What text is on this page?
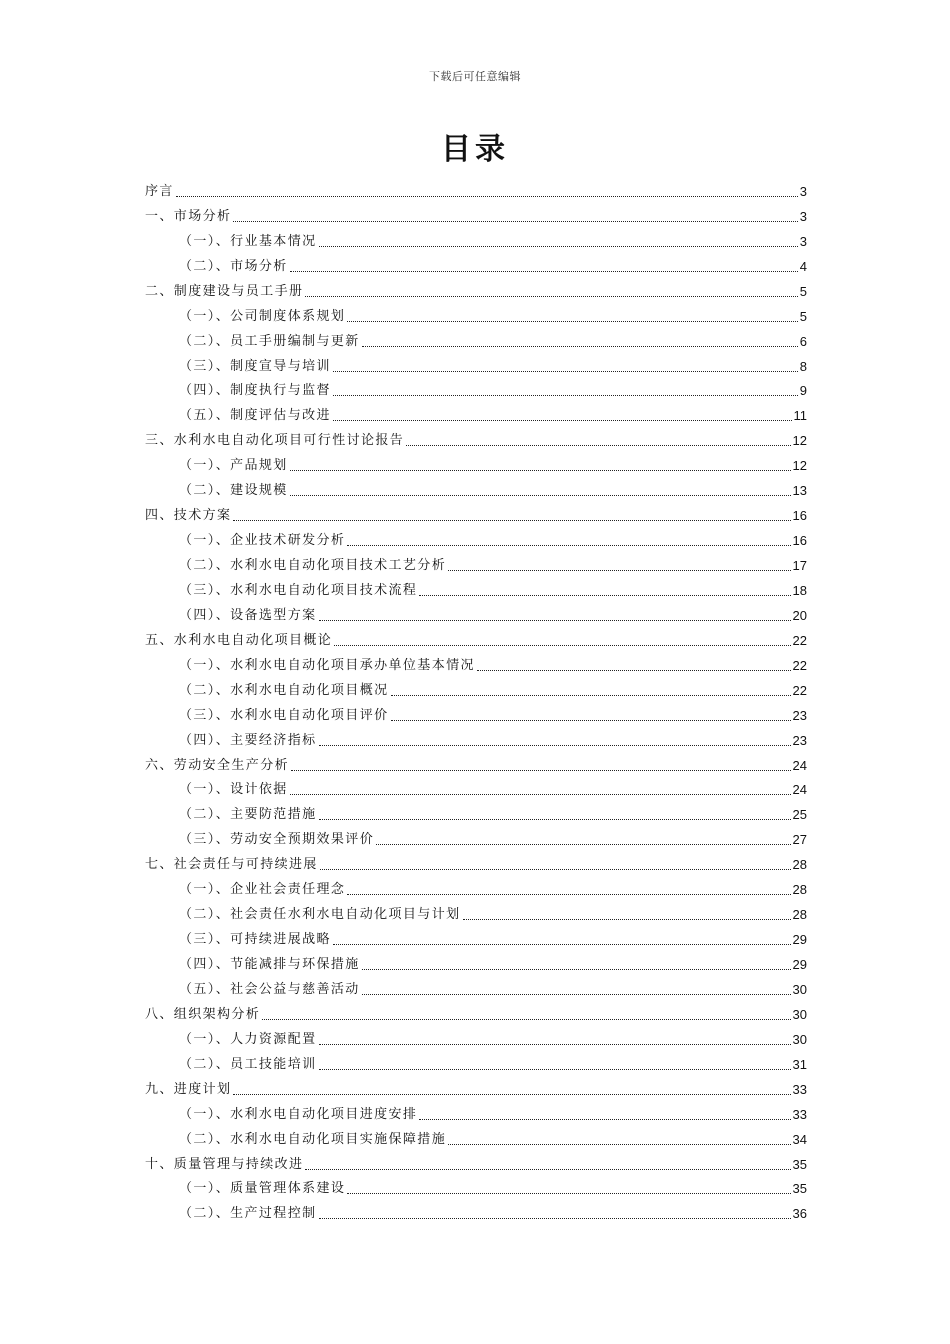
下载后可任意编辑
目录
序言	3
一、市场分析	3
（一）、行业基本情况	3
（二）、市场分析	4
二、制度建设与员工手册	5
（一）、公司制度体系规划	5
（二）、员工手册编制与更新	6
（三）、制度宣导与培训	8
（四）、制度执行与监督	9
（五）、制度评估与改进	11
三、水利水电自动化项目可行性讨论报告	12
（一）、产品规划	12
（二）、建设规模	13
四、技术方案	16
（一）、企业技术研发分析	16
（二）、水利水电自动化项目技术工艺分析	17
（三）、水利水电自动化项目技术流程	18
（四）、设备选型方案	20
五、水利水电自动化项目概论	22
（一）、水利水电自动化项目承办单位基本情况	22
（二）、水利水电自动化项目概况	22
（三）、水利水电自动化项目评价	23
（四）、主要经济指标	23
六、劳动安全生产分析	24
（一）、设计依据	24
（二）、主要防范措施	25
（三）、劳动安全预期效果评价	27
七、社会责任与可持续进展	28
（一）、企业社会责任理念	28
（二）、社会责任水利水电自动化项目与计划	28
（三）、可持续进展战略	29
（四）、节能减排与环保措施	29
（五）、社会公益与慈善活动	30
八、组织架构分析	30
（一）、人力资源配置	30
（二）、员工技能培训	31
九、进度计划	33
（一）、水利水电自动化项目进度安排	33
（二）、水利水电自动化项目实施保障措施	34
十、质量管理与持续改进	35
（一）、质量管理体系建设	35
（二）、生产过程控制	36
